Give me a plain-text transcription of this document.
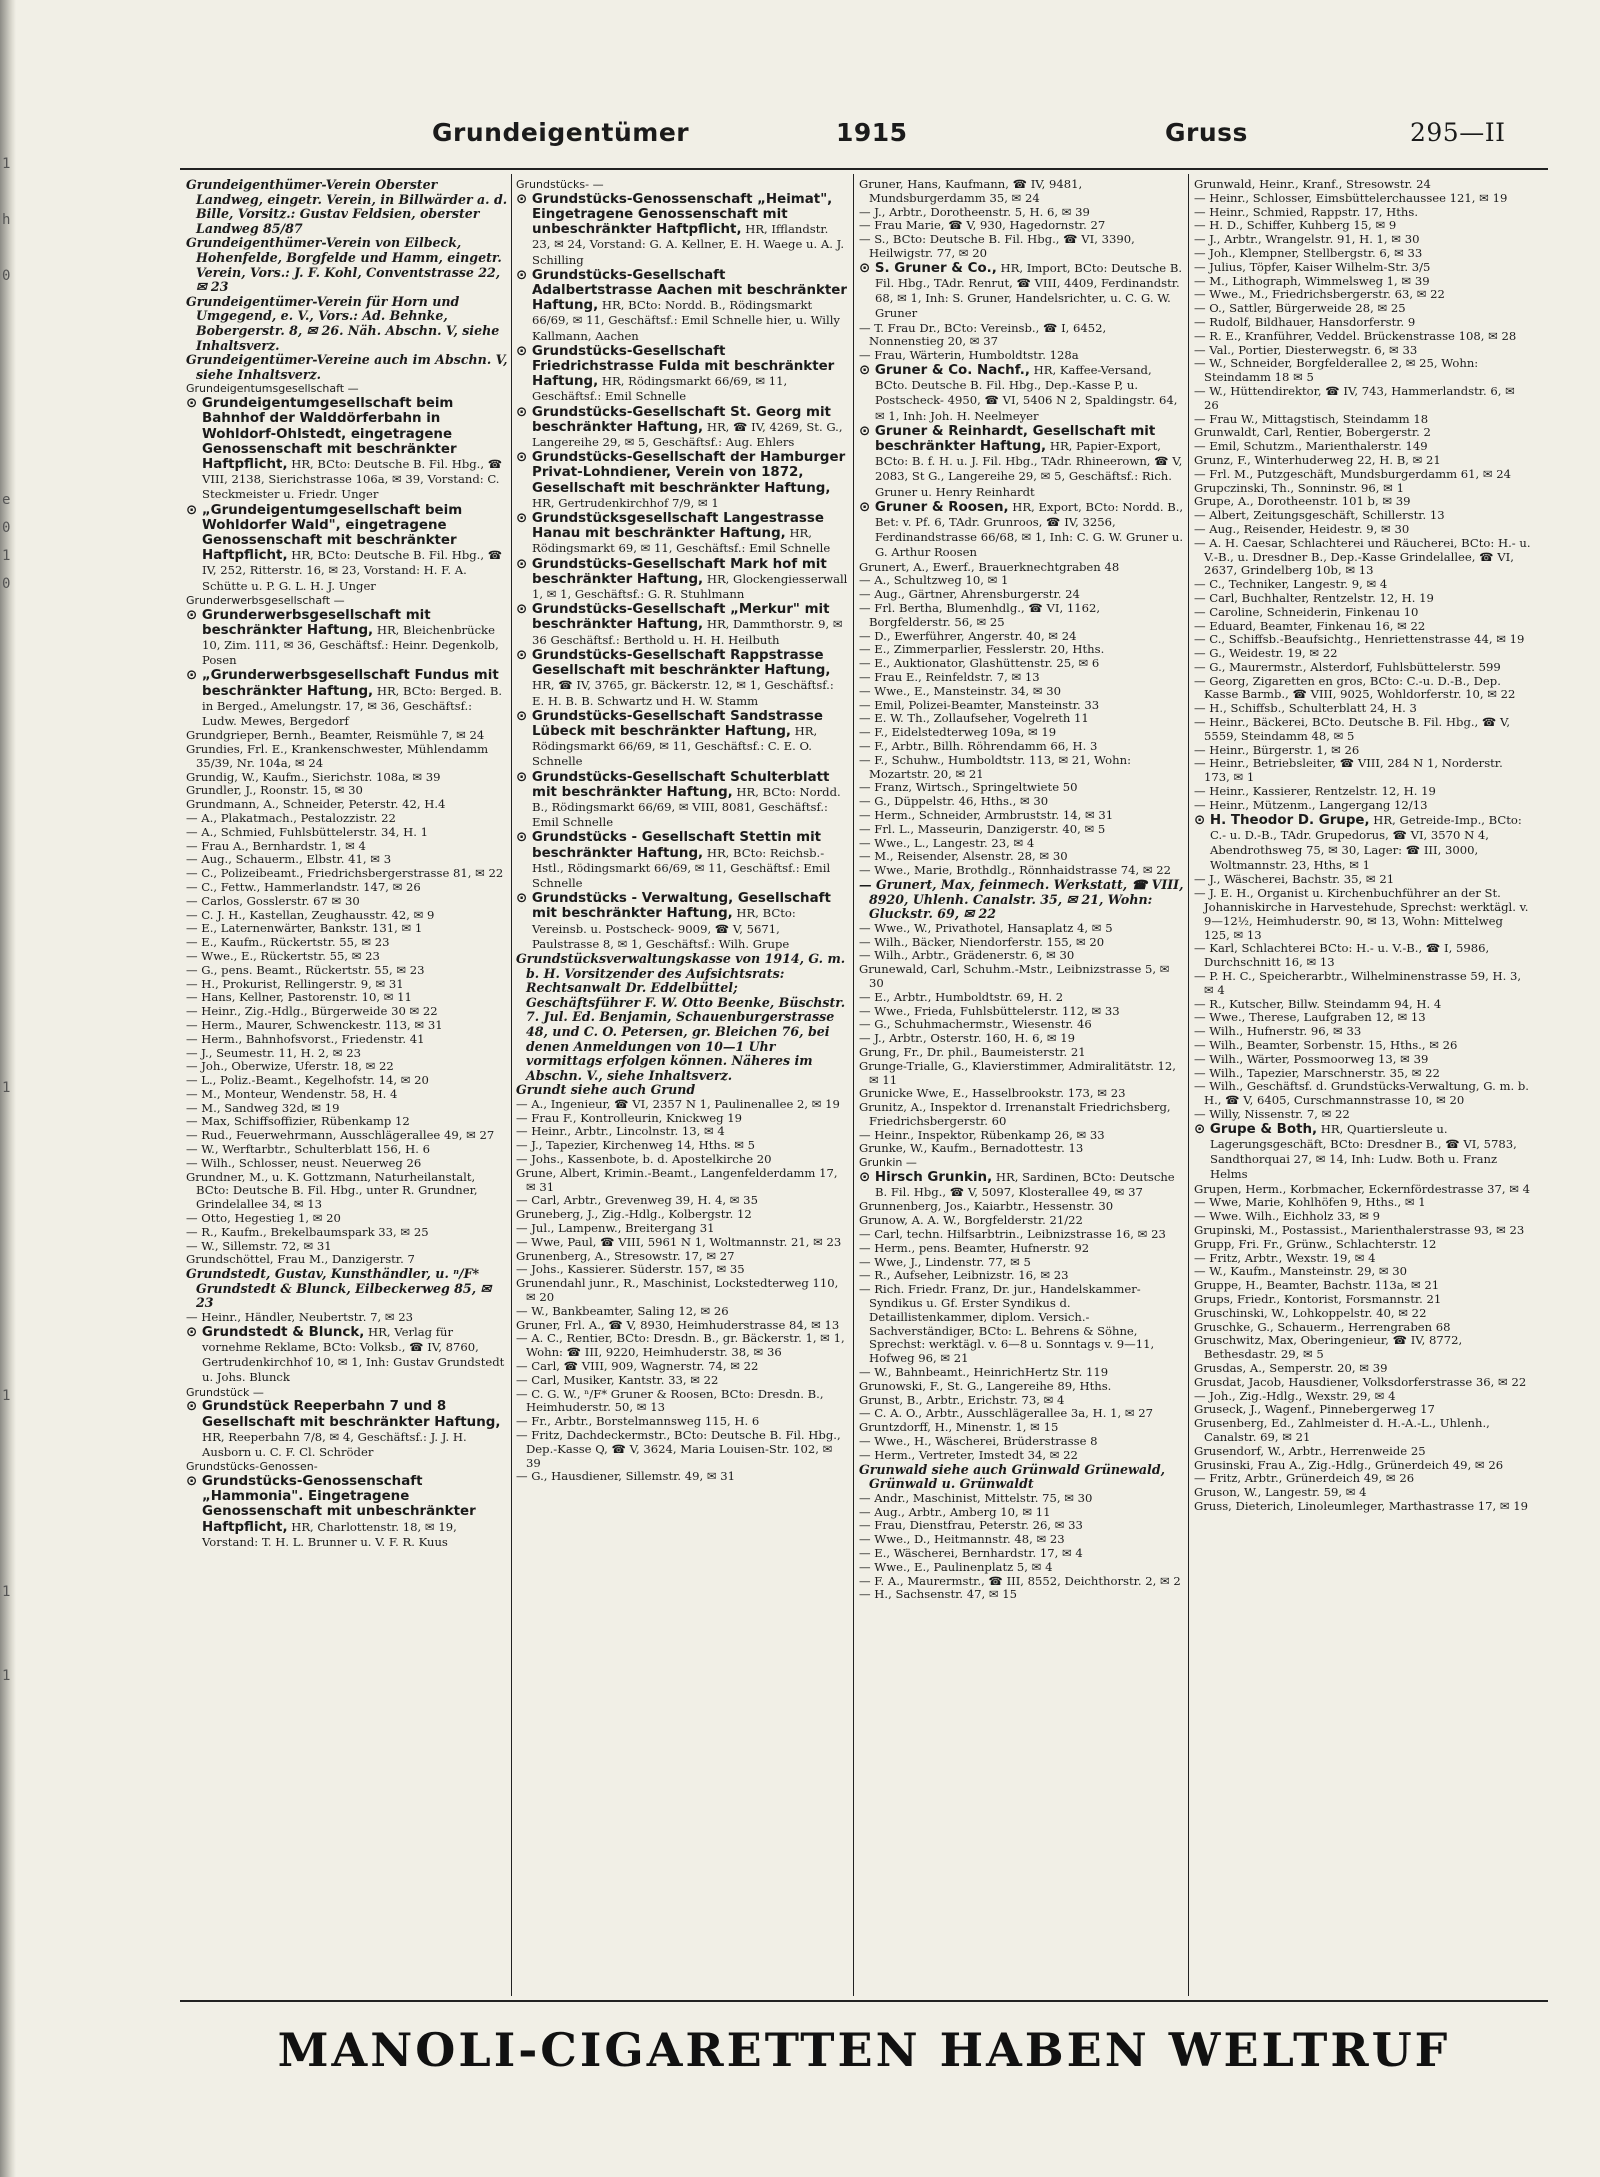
1

h

0

e
0
1
0

1

1

1

1
Grundeigentümer	1915	Gruss	295—II
Grundeigenthümer-Verein Oberster Landweg, eingetr. Verein, in Billwärder a. d. Bille, Vorsitz.: Gustav Feldsien, oberster Landweg 85/87
Grundeigenthümer-Verein von Eilbeck, Hohenfelde, Borgfelde und Hamm, eingetr. Verein, Vors.: J. F. Kohl, Conventstrasse 22, ✉ 23
Grundeigentümer-Verein für Horn und Umgegend, e. V., Vors.: Ad. Behnke, Bobergerstr. 8, ✉ 26. Näh. Abschn. V, siehe Inhaltsverz.
Grundeigentümer-Vereine auch im Abschn. V, siehe Inhaltsverz.
Grundeigentumsgesellschaft —
⊙ Grundeigentumgesellschaft beim Bahnhof der Walddörferbahn in Wohldorf-Ohlstedt, eingetragene Genossenschaft mit beschränkter Haftpflicht, HR, BCto: Deutsche B. Fil. Hbg., ☎ VIII, 2138, Sierichstrasse 106a, ✉ 39, Vorstand: C. Steckmeister u. Friedr. Unger
⊙ „Grundeigentumgesellschaft beim Wohldorfer Wald", eingetragene Genossenschaft mit beschränkter Haftpflicht, HR, BCto: Deutsche B. Fil. Hbg., ☎ IV, 252, Ritterstr. 16, ✉ 23, Vorstand: H. F. A. Schütte u. P. G. L. H. J. Unger
Grunderwerbsgesellschaft —
⊙ Grunderwerbsgesellschaft mit beschränkter Haftung, HR, Bleichenbrücke 10, Zim. 111, ✉ 36, Geschäftsf.: Heinr. Degenkolb, Posen
⊙ „Grunderwerbsgesellschaft Fundus mit beschränkter Haftung, HR, BCto: Berged. B. in Berged., Amelungstr. 17, ✉ 36, Geschäftsf.: Ludw. Mewes, Bergedorf
Grundgrieper, Bernh., Beamter, Reismühle 7, ✉ 24
Grundies, Frl. E., Krankenschwester, Mühlendamm 35/39, Nr. 104a, ✉ 24
Grundig, W., Kaufm., Sierichstr. 108a, ✉ 39
Grundler, J., Roonstr. 15, ✉ 30
Grundmann, A., Schneider, Peterstr. 42, H.4
— A., Plakatmach., Pestalozzistr. 22
— A., Schmied, Fuhlsbüttelerstr. 34, H. 1
— Frau A., Bernhardstr. 1, ✉ 4
— Aug., Schauerm., Elbstr. 41, ✉ 3
— C., Polizeibeamt., Friedrichsbergerstrasse 81, ✉ 22
— C., Fettw., Hammerlandstr. 147, ✉ 26
— Carlos, Gosslerstr. 67 ✉ 30
— C. J. H., Kastellan, Zeughausstr. 42, ✉ 9
— E., Laternenwärter, Bankstr. 131, ✉ 1
— E., Kaufm., Rückertstr. 55, ✉ 23
— Wwe., E., Rückertstr. 55, ✉ 23
— G., pens. Beamt., Rückertstr. 55, ✉ 23
— H., Prokurist, Rellingerstr. 9, ✉ 31
— Hans, Kellner, Pastorenstr. 10, ✉ 11
— Heinr., Zig.-Hdlg., Bürgerweide 30 ✉ 22
— Herm., Maurer, Schwenckestr. 113, ✉ 31
— Herm., Bahnhofsvorst., Friedenstr. 41
— J., Seumestr. 11, H. 2, ✉ 23
— Joh., Oberwize, Uferstr. 18, ✉ 22
— L., Poliz.-Beamt., Kegelhofstr. 14, ✉ 20
— M., Monteur, Wendenstr. 58, H. 4
— M., Sandweg 32d, ✉ 19
— Max, Schiffsoffizier, Rübenkamp 12
— Rud., Feuerwehrmann, Ausschlägerallee 49, ✉ 27
— W., Werftarbtr., Schulterblatt 156, H. 6
— Wilh., Schlosser, neust. Neuerweg 26
Grundner, M., u. K. Gottzmann, Naturheilanstalt, BCto: Deutsche B. Fil. Hbg., unter R. Grundner, Grindelallee 34, ✉ 13
— Otto, Hegestieg 1, ✉ 20
— R., Kaufm., Brekelbaumspark 33, ✉ 25
— W., Sillemstr. 72, ✉ 31
Grundschöttel, Frau M., Danzigerstr. 7
Grundstedt, Gustav, Kunsthändler, u. ⁿ/F* Grundstedt & Blunck, Eilbeckerweg 85, ✉ 23
— Heinr., Händler, Neubertstr. 7, ✉ 23
⊙ Grundstedt & Blunck, HR, Verlag für vornehme Reklame, BCto: Volksb., ☎ IV, 8760, Gertrudenkirchhof 10, ✉ 1, Inh: Gustav Grundstedt u. Johs. Blunck
Grundstück —
⊙ Grundstück Reeperbahn 7 und 8 Gesellschaft mit beschränkter Haftung, HR, Reeperbahn 7/8, ✉ 4, Geschäftsf.: J. J. H. Ausborn u. C. F. Cl. Schröder
Grundstücks-Genossen-
⊙ Grundstücks-Genossenschaft „Hammonia". Eingetragene Genossenschaft mit unbeschränkter Haftpflicht, HR, Charlottenstr. 18, ✉ 19, Vorstand: T. H. L. Brunner u. V. F. R. Kuus
Grundstücks- —
⊙ Grundstücks-Genossenschaft „Heimat", Eingetragene Genossenschaft mit unbeschränkter Haftpflicht, HR, Ifflandstr. 23, ✉ 24, Vorstand: G. A. Kellner, E. H. Waege u. A. J. Schilling
⊙ Grundstücks-Gesellschaft Adalbertstrasse Aachen mit beschränkter Haftung, HR, BCto: Nordd. B., Rödingsmarkt 66/69, ✉ 11, Geschäftsf.: Emil Schnelle hier, u. Willy Kallmann, Aachen
⊙ Grundstücks-Gesellschaft Friedrichstrasse Fulda mit beschränkter Haftung, HR, Rödingsmarkt 66/69, ✉ 11, Geschäftsf.: Emil Schnelle
⊙ Grundstücks-Gesellschaft St. Georg mit beschränkter Haftung, HR, ☎ IV, 4269, St. G., Langereihe 29, ✉ 5, Geschäftsf.: Aug. Ehlers
⊙ Grundstücks-Gesellschaft der Hamburger Privat-Lohndiener, Verein von 1872, Gesellschaft mit beschränkter Haftung, HR, Gertrudenkirchhof 7/9, ✉ 1
⊙ Grundstücksgesellschaft Langestrasse Hanau mit beschränkter Haftung, HR, Rödingsmarkt 69, ✉ 11, Geschäftsf.: Emil Schnelle
⊙ Grundstücks-Gesellschaft Mark hof mit beschränkter Haftung, HR, Glockengiesserwall 1, ✉ 1, Geschäftsf.: G. R. Stuhlmann
⊙ Grundstücks-Gesellschaft „Merkur" mit beschränkter Haftung, HR, Dammthorstr. 9, ✉ 36 Geschäftsf.: Berthold u. H. H. Heilbuth
⊙ Grundstücks-Gesellschaft Rappstrasse Gesellschaft mit beschränkter Haftung, HR, ☎ IV, 3765, gr. Bäckerstr. 12, ✉ 1, Geschäftsf.: E. H. B. B. Schwartz und H. W. Stamm
⊙ Grundstücks-Gesellschaft Sandstrasse Lübeck mit beschränkter Haftung, HR, Rödingsmarkt 66/69, ✉ 11, Geschäftsf.: C. E. O. Schnelle
⊙ Grundstücks-Gesellschaft Schulterblatt mit beschränkter Haftung, HR, BCto: Nordd. B., Rödingsmarkt 66/69, ✉ VIII, 8081, Geschäftsf.: Emil Schnelle
⊙ Grundstücks - Gesellschaft Stettin mit beschränkter Haftung, HR, BCto: Reichsb.-Hstl., Rödingsmarkt 66/69, ✉ 11, Geschäftsf.: Emil Schnelle
⊙ Grundstücks - Verwaltung, Gesellschaft mit beschränkter Haftung, HR, BCto: Vereinsb. u. Postscheck- 9009, ☎ V, 5671, Paulstrasse 8, ✉ 1, Geschäftsf.: Wilh. Grupe
Grundstücksverwaltungskasse von 1914, G. m. b. H. Vorsitzender des Aufsichtsrats: Rechtsanwalt Dr. Eddelbüttel; Geschäftsführer F. W. Otto Beenke, Büschstr. 7. Jul. Ed. Benjamin, Schauenburgerstrasse 48, und C. O. Petersen, gr. Bleichen 76, bei denen Anmeldungen von 10—1 Uhr vormittags erfolgen können. Näheres im Abschn. V., siehe Inhaltsverz.
Grundt siehe auch Grund
— A., Ingenieur, ☎ VI, 2357 N 1, Paulinenallee 2, ✉ 19
— Frau F., Kontrolleurin, Knickweg 19
— Heinr., Arbtr., Lincolnstr. 13, ✉ 4
— J., Tapezier, Kirchenweg 14, Hths. ✉ 5
— Johs., Kassenbote, b. d. Apostelkirche 20
Grune, Albert, Krimin.-Beamt., Langenfelderdamm 17, ✉ 31
— Carl, Arbtr., Grevenweg 39, H. 4, ✉ 35
Gruneberg, J., Zig.-Hdlg., Kolbergstr. 12
— Jul., Lampenw., Breitergang 31
— Wwe, Paul, ☎ VIII, 5961 N 1, Woltmannstr. 21, ✉ 23
Grunenberg, A., Stresowstr. 17, ✉ 27
— Johs., Kassierer. Süderstr. 157, ✉ 35
Grunendahl junr., R., Maschinist, Lockstedterweg 110, ✉ 20
— W., Bankbeamter, Saling 12, ✉ 26
Gruner, Frl. A., ☎ V, 8930, Heimhuderstrasse 84, ✉ 13
— A. C., Rentier, BCto: Dresdn. B., gr. Bäckerstr. 1, ✉ 1, Wohn: ☎ III, 9220, Heimhuderstr. 38, ✉ 36
— Carl, ☎ VIII, 909, Wagnerstr. 74, ✉ 22
— Carl, Musiker, Kantstr. 33, ✉ 22
— C. G. W., ⁿ/F* Gruner & Roosen, BCto: Dresdn. B., Heimhuderstr. 50, ✉ 13
— Fr., Arbtr., Borstelmannsweg 115, H. 6
— Fritz, Dachdeckermstr., BCto: Deutsche B. Fil. Hbg., Dep.-Kasse Q, ☎ V, 3624, Maria Louisen-Str. 102, ✉ 39
— G., Hausdiener, Sillemstr. 49, ✉ 31
Gruner, Hans, Kaufmann, ☎ IV, 9481, Mundsburgerdamm 35, ✉ 24
— J., Arbtr., Dorotheenstr. 5, H. 6, ✉ 39
— Frau Marie, ☎ V, 930, Hagedornstr. 27
— S., BCto: Deutsche B. Fil. Hbg., ☎ VI, 3390, Heilwigstr. 77, ✉ 20
⊙ S. Gruner & Co., HR, Import, BCto: Deutsche B. Fil. Hbg., TAdr. Renrut, ☎ VIII, 4409, Ferdinandstr. 68, ✉ 1, Inh: S. Gruner, Handelsrichter, u. C. G. W. Gruner
— T. Frau Dr., BCto: Vereinsb., ☎ I, 6452, Nonnenstieg 20, ✉ 37
— Frau, Wärterin, Humboldtstr. 128a
⊙ Gruner & Co. Nachf., HR, Kaffee-Versand, BCto. Deutsche B. Fil. Hbg., Dep.-Kasse P, u. Postscheck- 4950, ☎ VI, 5406 N 2, Spaldingstr. 64, ✉ 1, Inh: Joh. H. Neelmeyer
⊙ Gruner & Reinhardt, Gesellschaft mit beschränkter Haftung, HR, Papier-Export, BCto: B. f. H. u. J. Fil. Hbg., TAdr. Rhineerown, ☎ V, 2083, St G., Langereihe 29, ✉ 5, Geschäftsf.: Rich. Gruner u. Henry Reinhardt
⊙ Gruner & Roosen, HR, Export, BCto: Nordd. B., Bet: v. Pf. 6, TAdr. Grunroos, ☎ IV, 3256, Ferdinandstrasse 66/68, ✉ 1, Inh: C. G. W. Gruner u. G. Arthur Roosen
Grunert, A., Ewerf., Brauerknechtgraben 48
— A., Schultzweg 10, ✉ 1
— Aug., Gärtner, Ahrensburgerstr. 24
— Frl. Bertha, Blumenhdlg., ☎ VI, 1162, Borgfelderstr. 56, ✉ 25
— D., Ewerführer, Angerstr. 40, ✉ 24
— E., Zimmerparlier, Fesslerstr. 20, Hths.
— E., Auktionator, Glashüttenstr. 25, ✉ 6
— Frau E., Reinfeldstr. 7, ✉ 13
— Wwe., E., Mansteinstr. 34, ✉ 30
— Emil, Polizei-Beamter, Mansteinstr. 33
— E. W. Th., Zollaufseher, Vogelreth 11
— F., Eidelstedterweg 109a, ✉ 19
— F., Arbtr., Billh. Röhrendamm 66, H. 3
— F., Schuhw., Humboldtstr. 113, ✉ 21, Wohn: Mozartstr. 20, ✉ 21
— Franz, Wirtsch., Springeltwiete 50
— G., Düppelstr. 46, Hths., ✉ 30
— Herm., Schneider, Armbruststr. 14, ✉ 31
— Frl. L., Masseurin, Danzigerstr. 40, ✉ 5
— Wwe., L., Langestr. 23, ✉ 4
— M., Reisender, Alsenstr. 28, ✉ 30
— Wwe., Marie, Brothdlg., Rönnhaidstrasse 74, ✉ 22
— Grunert, Max, feinmech. Werkstatt, ☎ VIII, 8920, Uhlenh. Canalstr. 35, ✉ 21, Wohn: Gluckstr. 69, ✉ 22
— Wwe., W., Privathotel, Hansaplatz 4, ✉ 5
— Wilh., Bäcker, Niendorferstr. 155, ✉ 20
— Wilh., Arbtr., Grädenerstr. 6, ✉ 30
Grunewald, Carl, Schuhm.-Mstr., Leibnizstrasse 5, ✉ 30
— E., Arbtr., Humboldtstr. 69, H. 2
— Wwe., Frieda, Fuhlsbüttelerstr. 112, ✉ 33
— G., Schuhmachermstr., Wiesenstr. 46
— J., Arbtr., Osterstr. 160, H. 6, ✉ 19
Grung, Fr., Dr. phil., Baumeisterstr. 21
Grunge-Trialle, G., Klavierstimmer, Admiralitätstr. 12, ✉ 11
Grunicke Wwe, E., Hasselbrookstr. 173, ✉ 23
Grunitz, A., Inspektor d. Irrenanstalt Friedrichsberg, Friedrichsbergerstr. 60
— Heinr., Inspektor, Rübenkamp 26, ✉ 33
Grunke, W., Kaufm., Bernadottestr. 13
Grunkin —
⊙ Hirsch Grunkin, HR, Sardinen, BCto: Deutsche B. Fil. Hbg., ☎ V, 5097, Klosterallee 49, ✉ 37
Grunnenberg, Jos., Kaiarbtr., Hessenstr. 30
Grunow, A. A. W., Borgfelderstr. 21/22
— Carl, techn. Hilfsarbtrin., Leibnizstrasse 16, ✉ 23
— Herm., pens. Beamter, Hufnerstr. 92
— Wwe, J., Lindenstr. 77, ✉ 5
— R., Aufseher, Leibnizstr. 16, ✉ 23
— Rich. Friedr. Franz, Dr. jur., Handelskammer-Syndikus u. Gf. Erster Syndikus d. Detaillistenkammer, diplom. Versich.-Sachverständiger, BCto: L. Behrens & Söhne, Sprechst: werktägl. v. 6—8 u. Sonntags v. 9—11, Hofweg 96, ✉ 21
— W., Bahnbeamt., HeinrichHertz Str. 119
Grunowski, F., St. G., Langereihe 89, Hths.
Grunst, B., Arbtr., Erichstr. 73, ✉ 4
— C. A. O., Arbtr., Ausschlägerallee 3a, H. 1, ✉ 27
Gruntzdorff, H., Minenstr. 1, ✉ 15
— Wwe., H., Wäscherei, Brüderstrasse 8
— Herm., Vertreter, Imstedt 34, ✉ 22
Grunwald siehe auch Grünwald Grünewald, Grünwald u. Grünwaldt
— Andr., Maschinist, Mittelstr. 75, ✉ 30
— Aug., Arbtr., Amberg 10, ✉ 11
— Frau, Dienstfrau, Peterstr. 26, ✉ 33
— Wwe., D., Heitmannstr. 48, ✉ 23
— E., Wäscherei, Bernhardstr. 17, ✉ 4
— Wwe., E., Paulinenplatz 5, ✉ 4
— F. A., Maurermstr., ☎ III, 8552, Deichthorstr. 2, ✉ 2
— H., Sachsenstr. 47, ✉ 15
Grunwald, Heinr., Kranf., Stresowstr. 24
— Heinr., Schlosser, Eimsbüttelerchaussee 121, ✉ 19
— Heinr., Schmied, Rappstr. 17, Hths.
— H. D., Schiffer, Kuhberg 15, ✉ 9
— J., Arbtr., Wrangelstr. 91, H. 1, ✉ 30
— Joh., Klempner, Stellbergstr. 6, ✉ 33
— Julius, Töpfer, Kaiser Wilhelm-Str. 3/5
— M., Lithograph, Wimmelsweg 1, ✉ 39
— Wwe., M., Friedrichsbergerstr. 63, ✉ 22
— O., Sattler, Bürgerweide 28, ✉ 25
— Rudolf, Bildhauer, Hansdorferstr. 9
— R. E., Kranführer, Veddel. Brückenstrasse 108, ✉ 28
— Val., Portier, Diesterwegstr. 6, ✉ 33
— W., Schneider, Borgfelderallee 2, ✉ 25, Wohn: Steindamm 18 ✉ 5
— W., Hüttendirektor, ☎ IV, 743, Hammerlandstr. 6, ✉ 26
— Frau W., Mittagstisch, Steindamm 18
Grunwaldt, Carl, Rentier, Bobergerstr. 2
— Emil, Schutzm., Marienthalerstr. 149
Grunz, F., Winterhuderweg 22, H. B, ✉ 21
— Frl. M., Putzgeschäft, Mundsburgerdamm 61, ✉ 24
Grupczinski, Th., Sonninstr. 96, ✉ 1
Grupe, A., Dorotheenstr. 101 b, ✉ 39
— Albert, Zeitungsgeschäft, Schillerstr. 13
— Aug., Reisender, Heidestr. 9, ✉ 30
— A. H. Caesar, Schlachterei und Räucherei, BCto: H.- u. V.-B., u. Dresdner B., Dep.-Kasse Grindelallee, ☎ VI, 2637, Grindelberg 10b, ✉ 13
— C., Techniker, Langestr. 9, ✉ 4
— Carl, Buchhalter, Rentzelstr. 12, H. 19
— Caroline, Schneiderin, Finkenau 10
— Eduard, Beamter, Finkenau 16, ✉ 22
— C., Schiffsb.-Beaufsichtg., Henriettenstrasse 44, ✉ 19
— G., Weidestr. 19, ✉ 22
— G., Maurermstr., Alsterdorf, Fuhlsbüttelerstr. 599
— Georg, Zigaretten en gros, BCto: C.-u. D.-B., Dep. Kasse Barmb., ☎ VIII, 9025, Wohldorferstr. 10, ✉ 22
— H., Schiffsb., Schulterblatt 24, H. 3
— Heinr., Bäckerei, BCto. Deutsche B. Fil. Hbg., ☎ V, 5559, Steindamm 48, ✉ 5
— Heinr., Bürgerstr. 1, ✉ 26
— Heinr., Betriebsleiter, ☎ VIII, 284 N 1, Norderstr. 173, ✉ 1
— Heinr., Kassierer, Rentzelstr. 12, H. 19
— Heinr., Mützenm., Langergang 12/13
⊙ H. Theodor D. Grupe, HR, Getreide-Imp., BCto: C.- u. D.-B., TAdr. Grupedorus, ☎ VI, 3570 N 4, Abendrothsweg 75, ✉ 30, Lager: ☎ III, 3000, Woltmannstr. 23, Hths, ✉ 1
— J., Wäscherei, Bachstr. 35, ✉ 21
— J. E. H., Organist u. Kirchenbuchführer an der St. Johanniskirche in Harvestehude, Sprechst: werktägl. v. 9—12½, Heimhuderstr. 90, ✉ 13, Wohn: Mittelweg 125, ✉ 13
— Karl, Schlachterei BCto: H.- u. V.-B., ☎ I, 5986, Durchschnitt 16, ✉ 13
— P. H. C., Speicherarbtr., Wilhelminenstrasse 59, H. 3, ✉ 4
— R., Kutscher, Billw. Steindamm 94, H. 4
— Wwe., Therese, Laufgraben 12, ✉ 13
— Wilh., Hufnerstr. 96, ✉ 33
— Wilh., Beamter, Sorbenstr. 15, Hths., ✉ 26
— Wilh., Wärter, Possmoorweg 13, ✉ 39
— Wilh., Tapezier, Marschnerstr. 35, ✉ 22
— Wilh., Geschäftsf. d. Grundstücks-Verwaltung, G. m. b. H., ☎ V, 6405, Curschmannstrasse 10, ✉ 20
— Willy, Nissenstr. 7, ✉ 22
⊙ Grupe & Both, HR, Quartiersleute u. Lagerungsgeschäft, BCto: Dresdner B., ☎ VI, 5783, Sandthorquai 27, ✉ 14, Inh: Ludw. Both u. Franz Helms
Grupen, Herm., Korbmacher, Eckernfördestrasse 37, ✉ 4
— Wwe, Marie, Kohlhöfen 9, Hths., ✉ 1
— Wwe. Wilh., Eichholz 33, ✉ 9
Grupinski, M., Postassist., Marienthalerstrasse 93, ✉ 23
Grupp, Fri. Fr., Grünw., Schlachterstr. 12
— Fritz, Arbtr., Wexstr. 19, ✉ 4
— W., Kaufm., Mansteinstr. 29, ✉ 30
Gruppe, H., Beamter, Bachstr. 113a, ✉ 21
Grups, Friedr., Kontorist, Forsmannstr. 21
Gruschinski, W., Lohkoppelstr. 40, ✉ 22
Gruschke, G., Schauerm., Herrengraben 68
Gruschwitz, Max, Oberingenieur, ☎ IV, 8772, Bethesdastr. 29, ✉ 5
Grusdas, A., Semperstr. 20, ✉ 39
Grusdat, Jacob, Hausdiener, Volksdorferstrasse 36, ✉ 22
— Joh., Zig.-Hdlg., Wexstr. 29, ✉ 4
Gruseck, J., Wagenf., Pinnebergerweg 17
Grusenberg, Ed., Zahlmeister d. H.-A.-L., Uhlenh., Canalstr. 69, ✉ 21
Grusendorf, W., Arbtr., Herrenweide 25
Grusinski, Frau A., Zig.-Hdlg., Grünerdeich 49, ✉ 26
— Fritz, Arbtr., Grünerdeich 49, ✉ 26
Gruson, W., Langestr. 59, ✉ 4
Gruss, Dieterich, Linoleumleger, Marthastrasse 17, ✉ 19
MANOLI-CIGARETTEN HABEN WELTRUF
